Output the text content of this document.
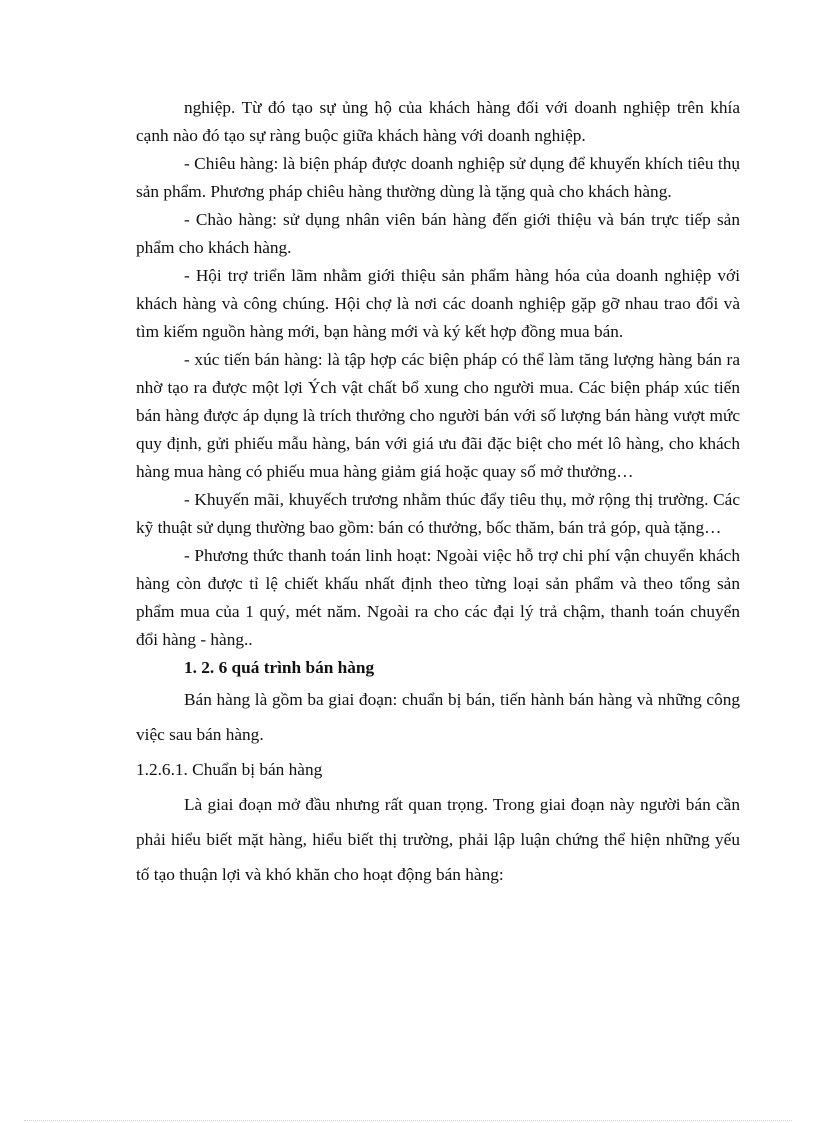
nghiệp. Từ đó tạo sự ủng hộ của khách hàng đối với doanh nghiệp trên khía cạnh nào đó tạo sự ràng buộc giữa khách hàng với doanh nghiệp.

- Chiêu hàng: là biện pháp được doanh nghiệp sử dụng để khuyến khích tiêu thụ sản phẩm. Phương pháp chiêu hàng thường dùng là tặng quà cho khách hàng.

- Chào hàng: sử dụng nhân viên bán hàng đến giới thiệu và bán trực tiếp sản phẩm cho khách hàng.

- Hội trợ triển lãm nhằm giới thiệu sản phẩm hàng hóa của doanh nghiệp với khách hàng và công chúng. Hội chợ là nơi các doanh nghiệp gặp gỡ nhau trao đổi và tìm kiếm nguồn hàng mới, bạn hàng mới và ký kết hợp đồng mua bán.

- xúc tiến bán hàng: là tập hợp các biện pháp có thể làm tăng lượng hàng bán ra nhờ tạo ra được một lợi Ých vật chất bổ xung cho người mua. Các biện pháp xúc tiến bán hàng được áp dụng là trích thưởng cho người bán với số lượng bán hàng vượt mức quy định, gửi phiếu mẫu hàng, bán với giá ưu đãi đặc biệt cho mét lô hàng, cho khách hàng mua hàng có phiếu mua hàng giảm giá hoặc quay số mở thưởng…

- Khuyến mãi, khuyếch trương nhằm thúc đẩy tiêu thụ, mở rộng thị trường. Các kỹ thuật sử dụng thường bao gồm: bán có thưởng, bốc thăm, bán trả góp, quà tặng…

- Phương thức thanh toán linh hoạt: Ngoài việc hỗ trợ chi phí vận chuyển khách hàng còn được tỉ lệ chiết khấu nhất định theo từng loại sản phẩm và theo tổng sản phẩm mua của 1 quý, mét năm. Ngoài ra cho các đại lý trả chậm, thanh toán chuyển đổi hàng - hàng..

1. 2. 6 quá trình bán hàng

Bán hàng là gồm ba giai đoạn: chuẩn bị bán, tiến hành bán hàng và những công việc sau bán hàng.

1.2.6.1. Chuẩn bị bán hàng

Là giai đoạn mở đầu nhưng rất quan trọng. Trong giai đoạn này người bán cần phải hiểu biết mặt hàng, hiểu biết thị trường, phải lập luận chứng thể hiện những yếu tố tạo thuận lợi và khó khăn cho hoạt động bán hàng:
